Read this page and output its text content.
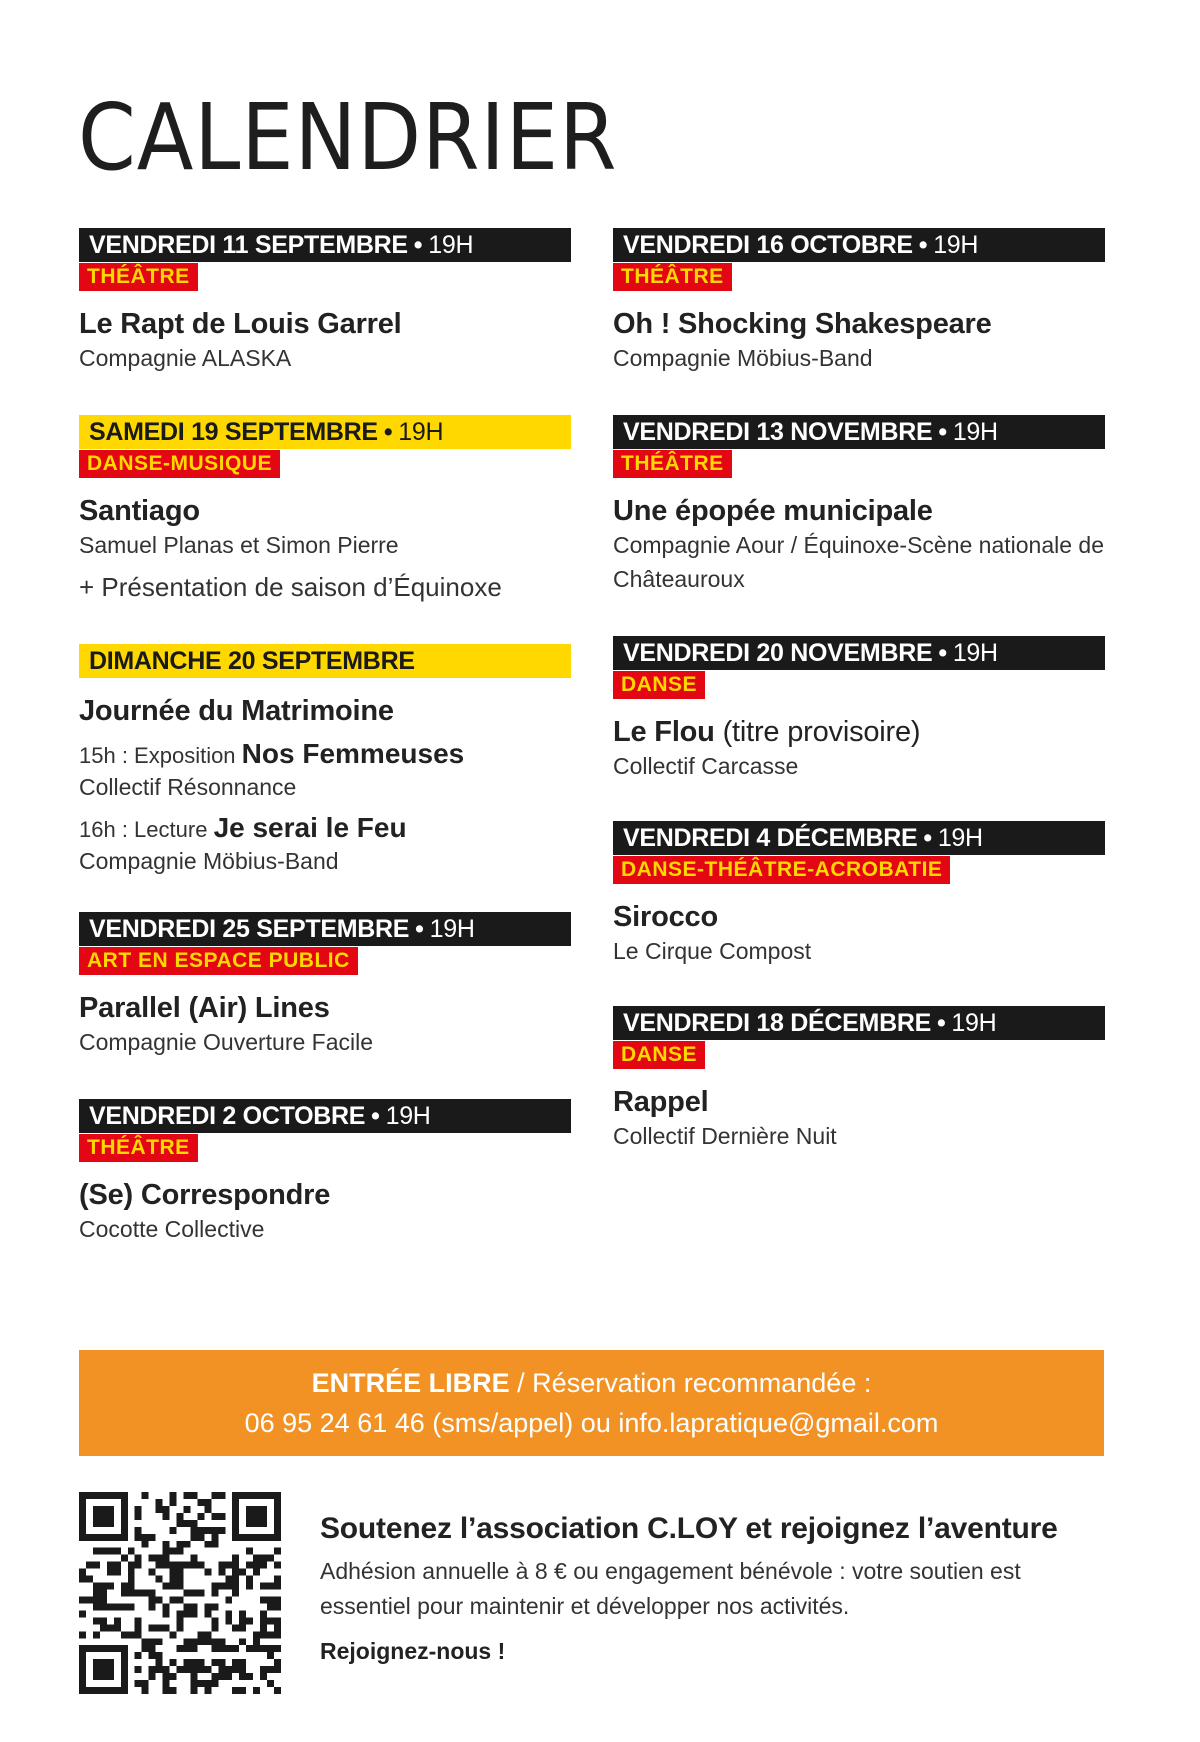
CALENDRIER
VENDREDI 11 SEPTEMBRE • 19H
THÉÂTRE
Le Rapt de Louis Garrel
Compagnie ALASKA
SAMEDI 19 SEPTEMBRE • 19H
DANSE-MUSIQUE
Santiago
Samuel Planas et Simon Pierre
+ Présentation de saison d’Équinoxe
DIMANCHE 20 SEPTEMBRE
Journée du Matrimoine
15h : Exposition Nos Femmeuses
Collectif Résonnance
16h : Lecture Je serai le Feu
Compagnie Möbius-Band
VENDREDI 25 SEPTEMBRE • 19H
ART EN ESPACE PUBLIC
Parallel (Air) Lines
Compagnie Ouverture Facile
VENDREDI 2 OCTOBRE • 19H
THÉÂTRE
(Se) Correspondre
Cocotte Collective
VENDREDI 16 OCTOBRE • 19H
THÉÂTRE
Oh ! Shocking Shakespeare
Compagnie Möbius-Band
VENDREDI 13 NOVEMBRE • 19H
THÉÂTRE
Une épopée municipale
Compagnie Aour / Équinoxe-Scène nationale de Châteauroux
VENDREDI 20 NOVEMBRE • 19H
DANSE
Le Flou (titre provisoire)
Collectif Carcasse
VENDREDI 4 DÉCEMBRE • 19H
DANSE-THÉÂTRE-ACROBATIE
Sirocco
Le Cirque Compost
VENDREDI 18 DÉCEMBRE • 19H
DANSE
Rappel
Collectif Dernière Nuit
ENTRÉE LIBRE / Réservation recommandée :
06 95 24 61 46 (sms/appel) ou info.lapratique@gmail.com
Soutenez l’association C.LOY et rejoignez l’aventure
Adhésion annuelle à 8 € ou engagement bénévole : votre soutien est essentiel pour maintenir et développer nos activités.
Rejoignez-nous !
